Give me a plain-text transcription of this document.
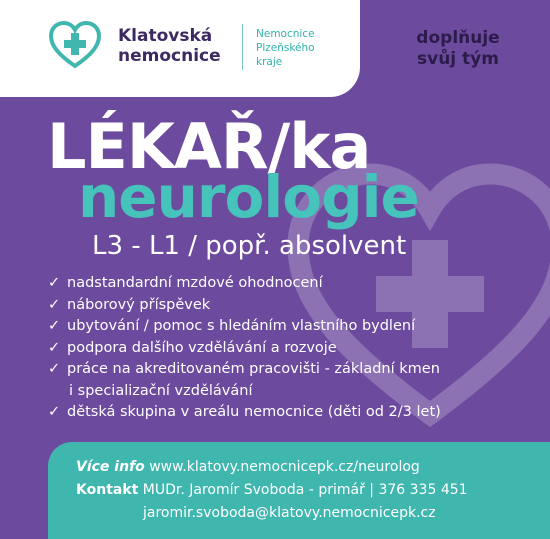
Klatovská
nemocnice
Nemocnice
Plzeňského
kraje
doplňuje
svůj tým
LÉKAŘ/ka
neurologie
L3 - L1 / popř. absolvent
✓ nadstandardní mzdové ohodnocení
✓ náborový příspěvek
✓ ubytování / pomoc s hledáním vlastního bydlení
✓ podpora dalšího vzdělávání a rozvoje
✓ práce na akreditovaném pracovišti - základní kmen
i specializační vzdělávání
✓ dětská skupina v areálu nemocnice (děti od 2/3 let)
Více info www.klatovy.nemocnicepk.cz/neurolog
Kontakt MUDr. Jaromír Svoboda - primář | 376 335 451
jaromir.svoboda@klatovy.nemocnicepk.cz
